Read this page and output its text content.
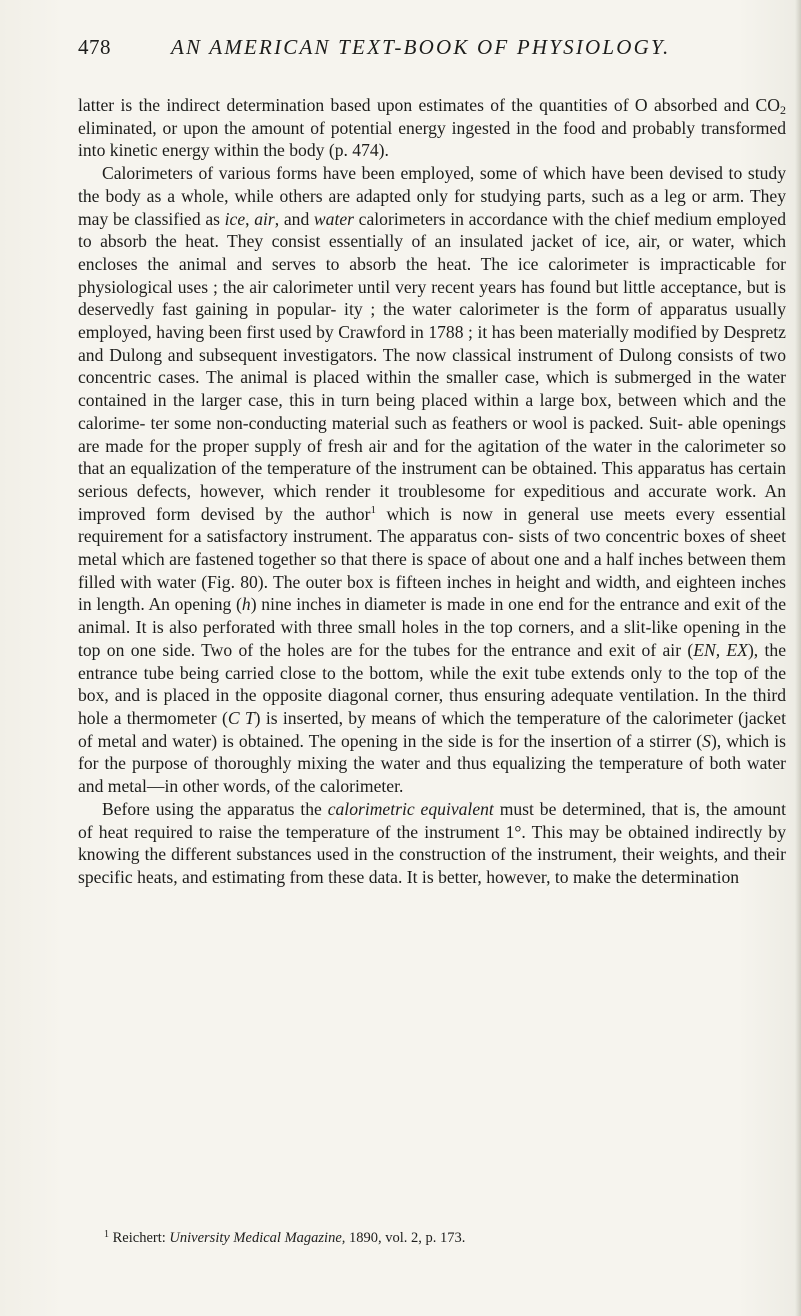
478	AN AMERICAN TEXT-BOOK OF PHYSIOLOGY.

latter is the indirect determination based upon estimates of the quantities of O absorbed and $CO_2$ eliminated, or upon the amount of potential energy ingested in the food and probably transformed into kinetic energy within the body (p. 474).

Calorimeters of various forms have been employed, some of which have been devised to study the body as a whole, while others are adapted only for studying parts, such as a leg or arm. They may be classified as ice, air, and water calorimeters in accordance with the chief medium employed to absorb the heat. They consist essentially of an insulated jacket of ice, air, or water, which encloses the animal and serves to absorb the heat. The ice calorimeter is impracticable for physiological uses ; the air calorimeter until very recent years has found but little acceptance, but is deservedly fast gaining in popular- ity ; the water calorimeter is the form of apparatus usually employed, having been first used by Crawford in 1788 ; it has been materially modified by Despretz and Dulong and subsequent investigators. The now classical instrument of Dulong consists of two concentric cases. The animal is placed within the smaller case, which is submerged in the water contained in the larger case, this in turn being placed within a large box, between which and the calorime- ter some non-conducting material such as feathers or wool is packed. Suit- able openings are made for the proper supply of fresh air and for the agitation of the water in the calorimeter so that an equalization of the temperature of the instrument can be obtained. This apparatus has certain serious defects, however, which render it troublesome for expeditious and accurate work. An improved form devised by the author$^1$ which is now in general use meets every essential requirement for a satisfactory instrument. The apparatus con- sists of two concentric boxes of sheet metal which are fastened together so that there is space of about one and a half inches between them filled with water (Fig. 80). The outer box is fifteen inches in height and width, and eighteen inches in length. An opening (h) nine inches in diameter is made in one end for the entrance and exit of the animal. It is also perforated with three small holes in the top corners, and a slit-like opening in the top on one side. Two of the holes are for the tubes for the entrance and exit of air (EN, EX), the entrance tube being carried close to the bottom, while the exit tube extends only to the top of the box, and is placed in the opposite diagonal corner, thus ensuring adequate ventilation. In the third hole a thermometer (C T) is inserted, by means of which the temperature of the calorimeter (jacket of metal and water) is obtained. The opening in the side is for the insertion of a stirrer (S), which is for the purpose of thoroughly mixing the water and thus equalizing the temperature of both water and metal—in other words, of the calorimeter.

Before using the apparatus the calorimetric equivalent must be determined, that is, the amount of heat required to raise the temperature of the instrument 1°. This may be obtained indirectly by knowing the different substances used in the construction of the instrument, their weights, and their specific heats, and estimating from these data. It is better, however, to make the determination

$^1$ Reichert: University Medical Magazine, 1890, vol. 2, p. 173.
